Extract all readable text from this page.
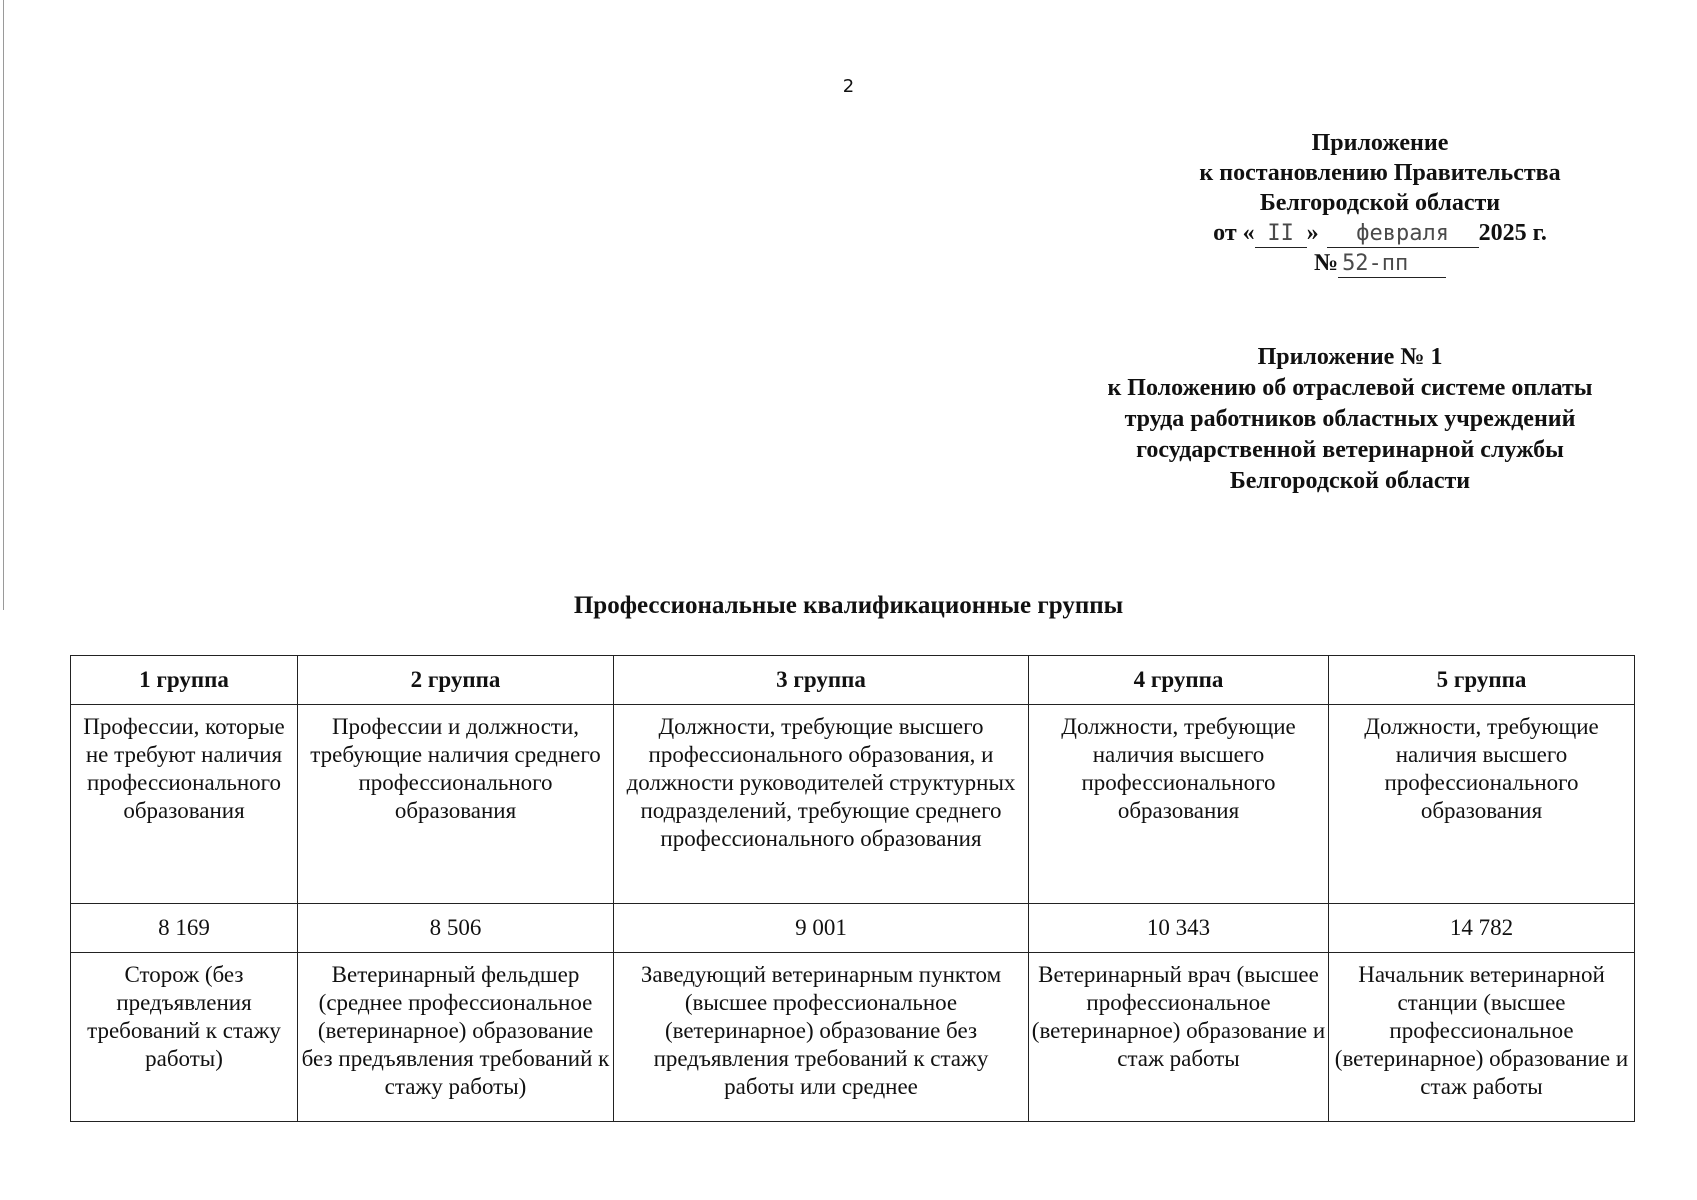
2
Приложение
к постановлению Правительства
Белгородской области
от « II » февраля 2025 г.
№ 52-пп
Приложение № 1
к Положению об отраслевой системе оплаты
труда работников областных учреждений
государственной ветеринарной службы
Белгородской области
Профессиональные квалификационные группы
1 группа	2 группа	3 группа	4 группа	5 группа
Профессии, которые не требуют наличия профессионального образования	Профессии и должности, требующие наличия среднего профессионального образования	Должности, требующие высшего профессионального образования, и должности руководителей структурных подразделений, требующие среднего профессионального образования	Должности, требующие наличия высшего профессионального образования	Должности, требующие наличия высшего профессионального образования
8 169	8 506	9 001	10 343	14 782
Сторож (без предъявления требований к стажу работы)	Ветеринарный фельдшер (среднее профессиональное (ветеринарное) образование без предъявления требований к стажу работы)	Заведующий ветеринарным пунктом (высшее профессиональное (ветеринарное) образование без предъявления требований к стажу работы или среднее	Ветеринарный врач (высшее профессиональное (ветеринарное) образование и стаж работы	Начальник ветеринарной станции (высшее профессиональное (ветеринарное) образование и стаж работы
